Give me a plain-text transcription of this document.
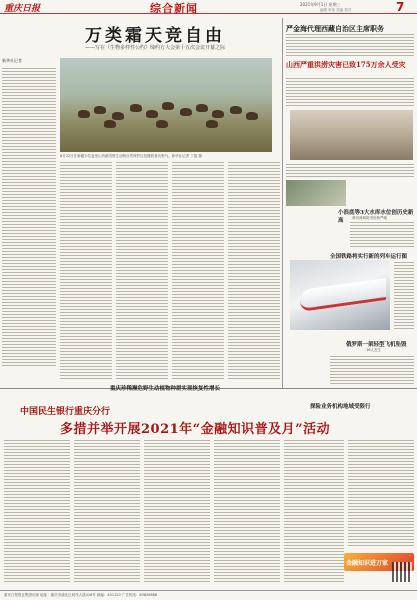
重庆日报	综合新闻	2021年9月1日 星期三
编辑 审读 美编 校对	7
万类霜天竞自由
——写在《生物多样性公约》缔约方大会第十五次会议开幕之际
新华社记者
8月22日在新疆卡拉麦里山有蹄类野生动物自然保护区拍摄的普氏野马。新华社记者 丁磊 摄
严金海代理西藏自治区主席职务
山西严重洪涝灾害已致175万余人受灾
小浪底等3大水库水位创历史新高	黄河流域防汛形势严峻
全国铁路将实行新的列车运行图
俄罗斯一架轻型飞机坠毁
16人丧生
重庆珍稀濒危野生动植物种群实现恢复性增长
探险业务机构地域受限行
中国民生银行重庆分行
多措并举开展2021年“金融知识普及月”活动
金融知识进万家
重庆日报报业集团出版 地址：重庆市渝北区同茂大道416号 邮编：401120 广告热线：63826888
